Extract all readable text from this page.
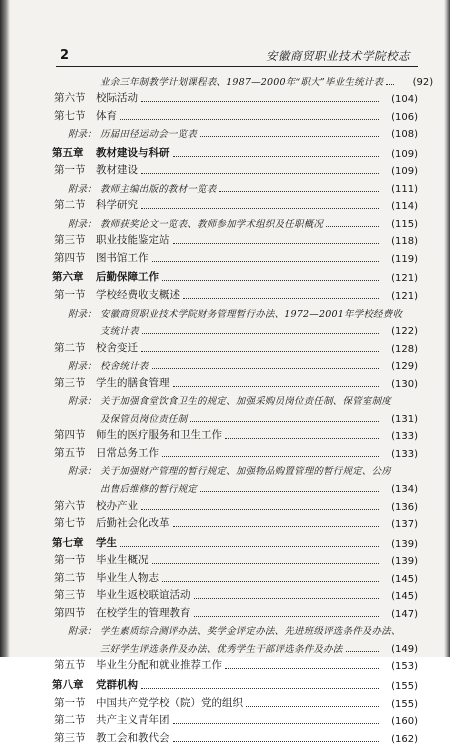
2	安徽商贸职业技术学院校志
业余三年制教学计划课程表、1987—2000年“职大”毕业生统计表	(92)
第六节	校际活动	(104)
第七节	体育	(106)
附录： 历届田径运动会一览表	(108)
第五章	教材建设与科研	(109)
第一节	教材建设	(109)
附录： 教师主编出版的教材一览表	(111)
第二节	科学研究	(114)
附录： 教师获奖论文一览表、教师参加学术组织及任职概况	(115)
第三节	职业技能鉴定站	(118)
第四节	图书馆工作	(119)
第六章	后勤保障工作	(121)
第一节	学校经费收支概述	(121)
附录： 安徽商贸职业技术学院财务管理暂行办法、1972—2001年学校经费收
支统计表	(122)
第二节	校舍变迁	(128)
附录： 校舍统计表	(129)
第三节	学生的膳食管理	(130)
附录： 关于加强食堂饮食卫生的规定、加强采购员岗位责任制、保管室制度
及保管员岗位责任制	(131)
第四节	师生的医疗服务和卫生工作	(133)
第五节	日常总务工作	(133)
附录： 关于加强财产管理的暂行规定、加强物品购置管理的暂行规定、公房
出售后维修的暂行规定	(134)
第六节	校办产业	(136)
第七节	后勤社会化改革	(137)
第七章	学生	(139)
第一节	毕业生概况	(139)
第二节	毕业生人物志	(145)
第三节	毕业生返校联谊活动	(145)
第四节	在校学生的管理教育	(147)
附录： 学生素质综合测评办法、奖学金评定办法、先进班级评选条件及办法、
三好学生评选条件及办法、优秀学生干部评选条件及办法	(149)
第五节	毕业生分配和就业推荐工作	(153)
第八章	党群机构	(155)
第一节	中国共产党学校（院）党的组织	(155)
第二节	共产主义青年团	(160)
第三节	教工会和教代会	(162)
